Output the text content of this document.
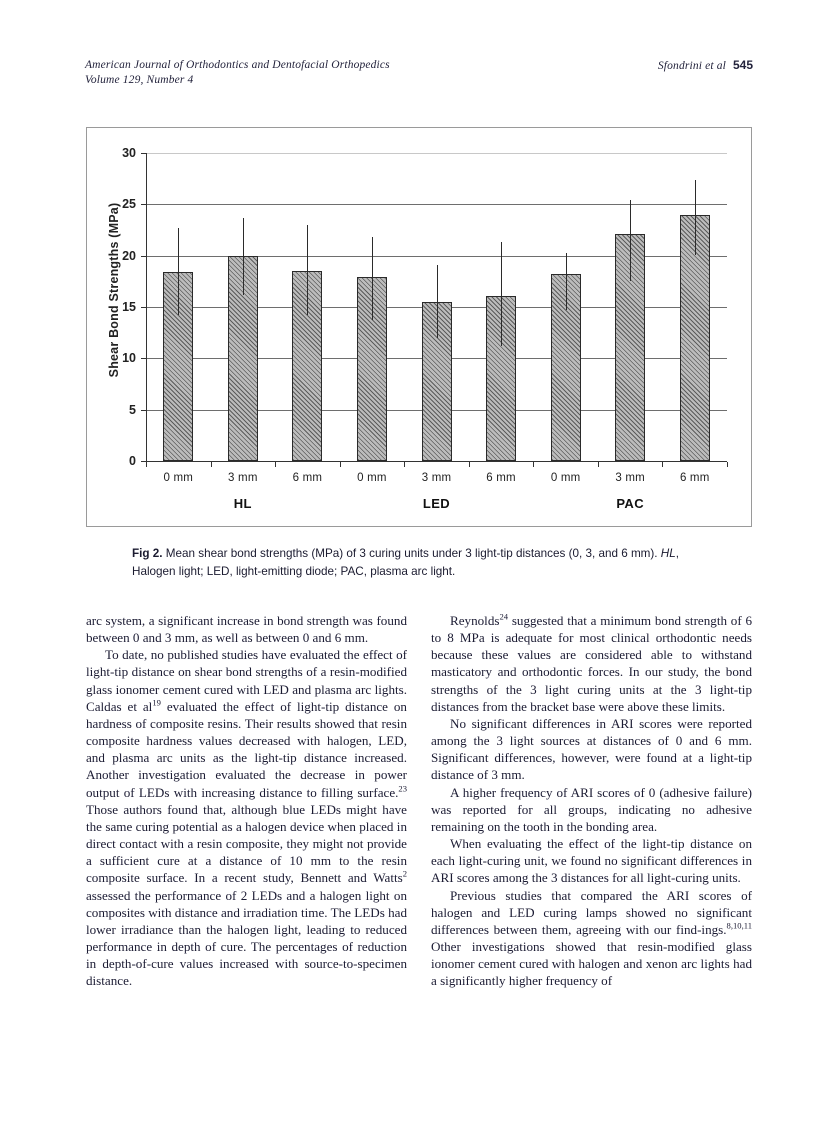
American Journal of Orthodontics and Dentofacial Orthopedics
Volume 129, Number 4
Sfondrini et al 545
Shear Bond Strengths (MPa)
0
5
10
15
20
25
30
0 mm	3 mm	6 mm	0 mm	3 mm	6 mm	0 mm	3 mm	6 mm
HL	LED	PAC
Fig 2. Mean shear bond strengths (MPa) of 3 curing units under 3 light-tip distances (0, 3, and 6 mm). HL, Halogen light; LED, light-emitting diode; PAC, plasma arc light.

arc system, a significant increase in bond strength was found between 0 and 3 mm, as well as between 0 and 6 mm.

To date, no published studies have evaluated the effect of light-tip distance on shear bond strengths of a resin-modified glass ionomer cement cured with LED and plasma arc lights. Caldas et $al^{19}$ evaluated the effect of light-tip distance on hardness of composite resins. Their results showed that resin composite hardness values decreased with halogen, LED, and plasma arc units as the light-tip distance increased. Another investigation evaluated the decrease in power output of LEDs with increasing distance to filling surface.$^{23}$ Those authors found that, although blue LEDs might have the same curing potential as a halogen device when placed in direct contact with a resin composite, they might not provide a sufficient cure at a distance of 10 mm to the resin composite surface. In a recent study, Bennett and Watts$^2$ assessed the performance of 2 LEDs and a halogen light on composites with distance and irradiation time. The LEDs had lower irradiance than the halogen light, leading to reduced performance in depth of cure. The percentages of reduction in depth-of-cure values increased with source-to-specimen distance.

Reynolds$^{24}$ suggested that a minimum bond strength of 6 to 8 MPa is adequate for most clinical orthodontic needs because these values are considered able to withstand masticatory and orthodontic forces. In our study, the bond strengths of the 3 light curing units at the 3 light-tip distances from the bracket base were above these limits.

No significant differences in ARI scores were reported among the 3 light sources at distances of 0 and 6 mm. Significant differences, however, were found at a light-tip distance of 3 mm.

A higher frequency of ARI scores of 0 (adhesive failure) was reported for all groups, indicating no adhesive remaining on the tooth in the bonding area.

When evaluating the effect of the light-tip distance on each light-curing unit, we found no significant differences in ARI scores among the 3 distances for all light-curing units.

Previous studies that compared the ARI scores of halogen and LED curing lamps showed no significant differences between them, agreeing with our find-ings.$^{8,10,11}$ Other investigations showed that resin-modified glass ionomer cement cured with halogen and xenon arc lights had a significantly higher frequency of
